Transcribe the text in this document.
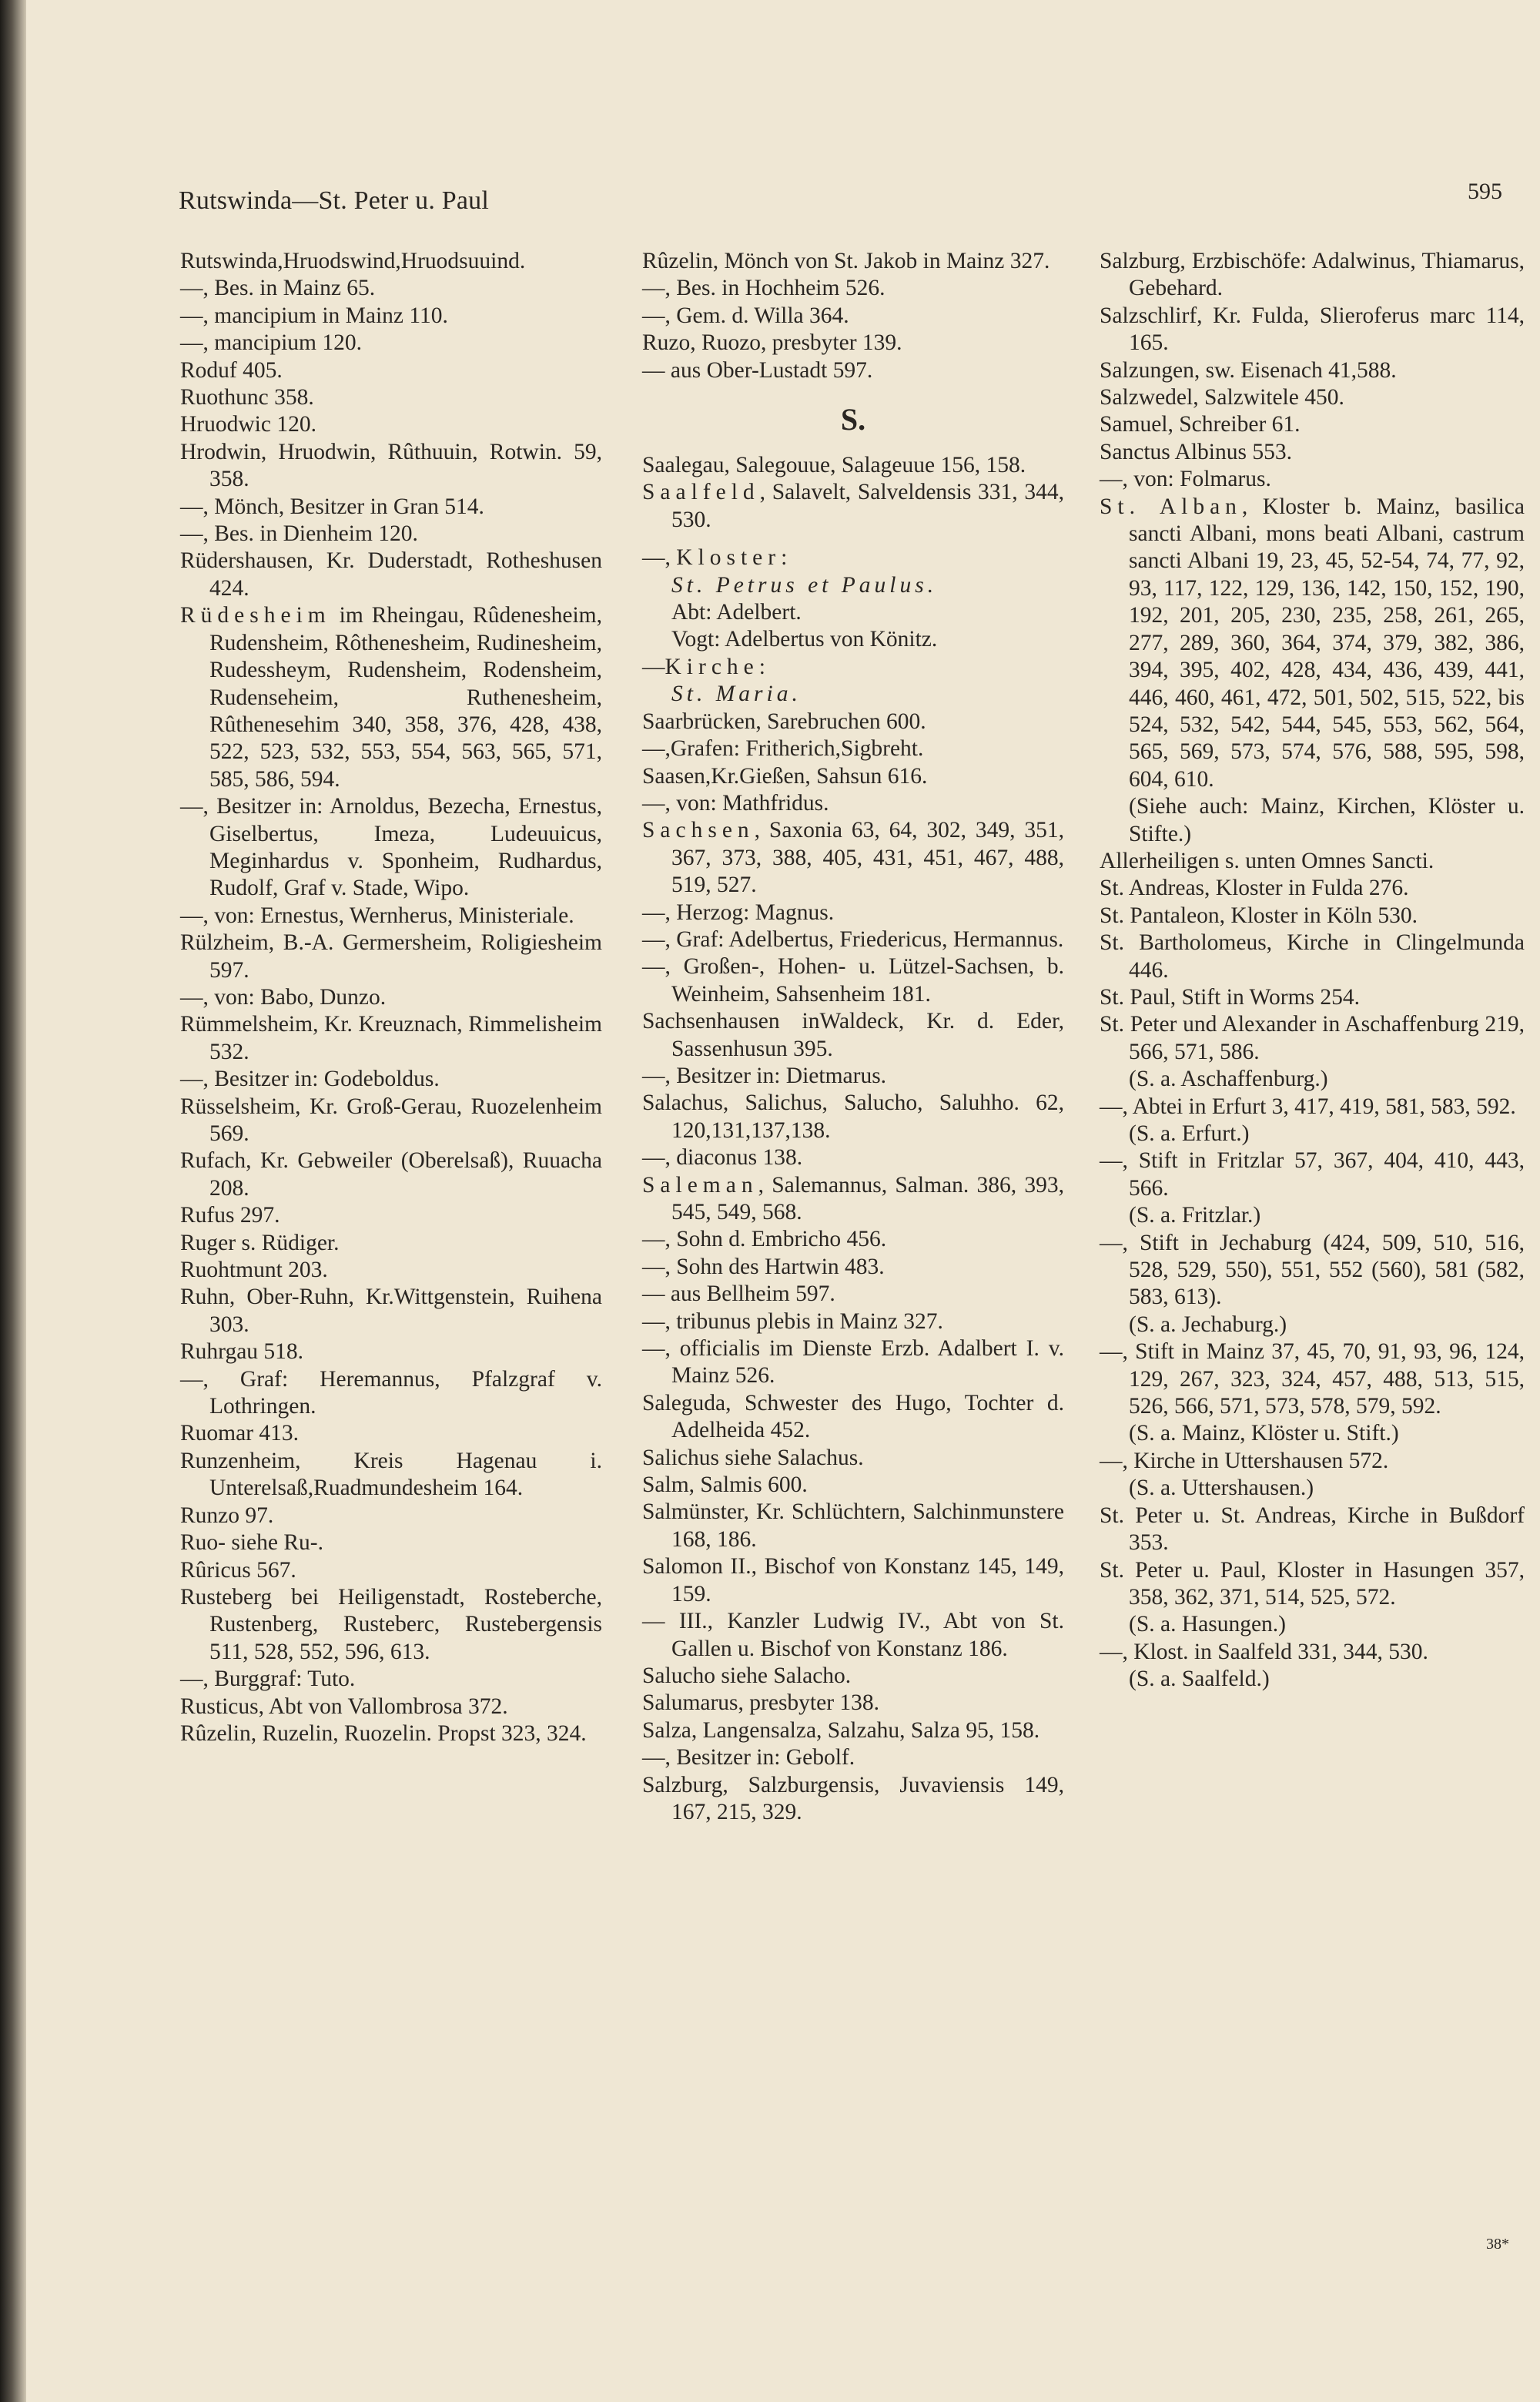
Rutswinda—St. Peter u. Paul	595

Rutswinda,Hruodswind,Hruodsuuind.

—, Bes. in Mainz 65.

—, mancipium in Mainz 110.

—, mancipium 120.

Roduf 405.

Ruothunc 358.

Hruodwic 120.

Hrodwin, Hruodwin, Rûthuuin, Rotwin. 59, 358.

—, Mönch, Besitzer in Gran 514.

—, Bes. in Dienheim 120.

Rüdershausen, Kr. Duderstadt, Rotheshusen 424.

Rüdesheim im Rheingau, Rûdenesheim, Rudensheim, Rôthenesheim, Rudinesheim, Rudessheym, Rudensheim, Rodensheim, Rudenseheim, Ruthenesheim, Rûthenesehim 340, 358, 376, 428, 438, 522, 523, 532, 553, 554, 563, 565, 571, 585, 586, 594.

—, Besitzer in: Arnoldus, Bezecha, Ernestus, Giselbertus, Imeza, Ludeuuicus, Meginhardus v. Sponheim, Rudhardus, Rudolf, Graf v. Stade, Wipo.

—, von: Ernestus, Wernherus, Ministeriale.

Rülzheim, B.-A. Germersheim, Roligiesheim 597.

—, von: Babo, Dunzo.

Rümmelsheim, Kr. Kreuznach, Rimmelisheim 532.

—, Besitzer in: Godeboldus.

Rüsselsheim, Kr. Groß-Gerau, Ruozelenheim 569.

Rufach, Kr. Gebweiler (Oberelsaß), Ruuacha 208.

Rufus 297.

Ruger s. Rüdiger.

Ruohtmunt 203.

Ruhn, Ober-Ruhn, Kr.Wittgenstein, Ruihena 303.

Ruhrgau 518.

—, Graf: Heremannus, Pfalzgraf v. Lothringen.

Ruomar 413.

Runzenheim, Kreis Hagenau i. Unterelsaß,Ruadmundesheim 164.

Runzo 97.

Ruo- siehe Ru-.

Rûricus 567.

Rusteberg bei Heiligenstadt, Rosteberche, Rustenberg, Rusteberc, Rustebergensis 511, 528, 552, 596, 613.

—, Burggraf: Tuto.

Rusticus, Abt von Vallombrosa 372.

Rûzelin, Ruzelin, Ruozelin. Propst 323, 324.

Rûzelin, Mönch von St. Jakob in Mainz 327.

—, Bes. in Hochheim 526.

—, Gem. d. Willa 364.

Ruzo, Ruozo, presbyter 139.

— aus Ober-Lustadt 597.

S.

Saalegau, Salegouue, Salageuue 156, 158.

Saalfeld, Salavelt, Salveldensis 331, 344, 530.

—, Kloster:

St. Petrus et Paulus.

Abt: Adelbert.

Vogt: Adelbertus von Könitz.

—Kirche:

St. Maria.

Saarbrücken, Sarebruchen 600.

—,Grafen: Fritherich,Sigbreht.

Saasen,Kr.Gießen, Sahsun 616.

—, von: Mathfridus.

Sachsen, Saxonia 63, 64, 302, 349, 351, 367, 373, 388, 405, 431, 451, 467, 488, 519, 527.

—, Herzog: Magnus.

—, Graf: Adelbertus, Friedericus, Hermannus.

—, Großen-, Hohen- u. Lützel-Sachsen, b. Weinheim, Sahsenheim 181.

Sachsenhausen inWaldeck, Kr. d. Eder, Sassenhusun 395.

—, Besitzer in: Dietmarus.

Salachus, Salichus, Salucho, Saluhho. 62, 120,131,137,138.

—, diaconus 138.

Saleman, Salemannus, Salman. 386, 393, 545, 549, 568.

—, Sohn d. Embricho 456.

—, Sohn des Hartwin 483.

— aus Bellheim 597.

—, tribunus plebis in Mainz 327.

—, officialis im Dienste Erzb. Adalbert I. v. Mainz 526.

Saleguda, Schwester des Hugo, Tochter d. Adelheida 452.

Salichus siehe Salachus.

Salm, Salmis 600.

Salmünster, Kr. Schlüchtern, Salchinmunstere 168, 186.

Salomon II., Bischof von Konstanz 145, 149, 159.

— III., Kanzler Ludwig IV., Abt von St. Gallen u. Bischof von Konstanz 186.

Salucho siehe Salacho.

Salumarus, presbyter 138.

Salza, Langensalza, Salzahu, Salza 95, 158.

—, Besitzer in: Gebolf.

Salzburg, Salzburgensis, Juvaviensis 149, 167, 215, 329.

Salzburg, Erzbischöfe: Adalwinus, Thiamarus, Gebehard.

Salzschlirf, Kr. Fulda, Slieroferus marc 114, 165.

Salzungen, sw. Eisenach 41,588.

Salzwedel, Salzwitele 450.

Samuel, Schreiber 61.

Sanctus Albinus 553.

—, von: Folmarus.

St. Alban, Kloster b. Mainz, basilica sancti Albani, mons beati Albani, castrum sancti Albani 19, 23, 45, 52-54, 74, 77, 92, 93, 117, 122, 129, 136, 142, 150, 152, 190, 192, 201, 205, 230, 235, 258, 261, 265, 277, 289, 360, 364, 374, 379, 382, 386, 394, 395, 402, 428, 434, 436, 439, 441, 446, 460, 461, 472, 501, 502, 515, 522, bis 524, 532, 542, 544, 545, 553, 562, 564, 565, 569, 573, 574, 576, 588, 595, 598, 604, 610.

(Siehe auch: Mainz, Kirchen, Klöster u. Stifte.)

Allerheiligen s. unten Omnes Sancti.

St. Andreas, Kloster in Fulda 276.

St. Pantaleon, Kloster in Köln 530.

St. Bartholomeus, Kirche in Clingelmunda 446.

St. Paul, Stift in Worms 254.

St. Peter und Alexander in Aschaffenburg 219, 566, 571, 586.

(S. a. Aschaffenburg.)

—, Abtei in Erfurt 3, 417, 419, 581, 583, 592.

(S. a. Erfurt.)

—, Stift in Fritzlar 57, 367, 404, 410, 443, 566.

(S. a. Fritzlar.)

—, Stift in Jechaburg (424, 509, 510, 516, 528, 529, 550), 551, 552 (560), 581 (582, 583, 613).

(S. a. Jechaburg.)

—, Stift in Mainz 37, 45, 70, 91, 93, 96, 124, 129, 267, 323, 324, 457, 488, 513, 515, 526, 566, 571, 573, 578, 579, 592.

(S. a. Mainz, Klöster u. Stift.)

—, Kirche in Uttershausen 572.

(S. a. Uttershausen.)

St. Peter u. St. Andreas, Kirche in Bußdorf 353.

St. Peter u. Paul, Kloster in Hasungen 357, 358, 362, 371, 514, 525, 572.

(S. a. Hasungen.)

—, Klost. in Saalfeld 331, 344, 530.

(S. a. Saalfeld.)

38*
